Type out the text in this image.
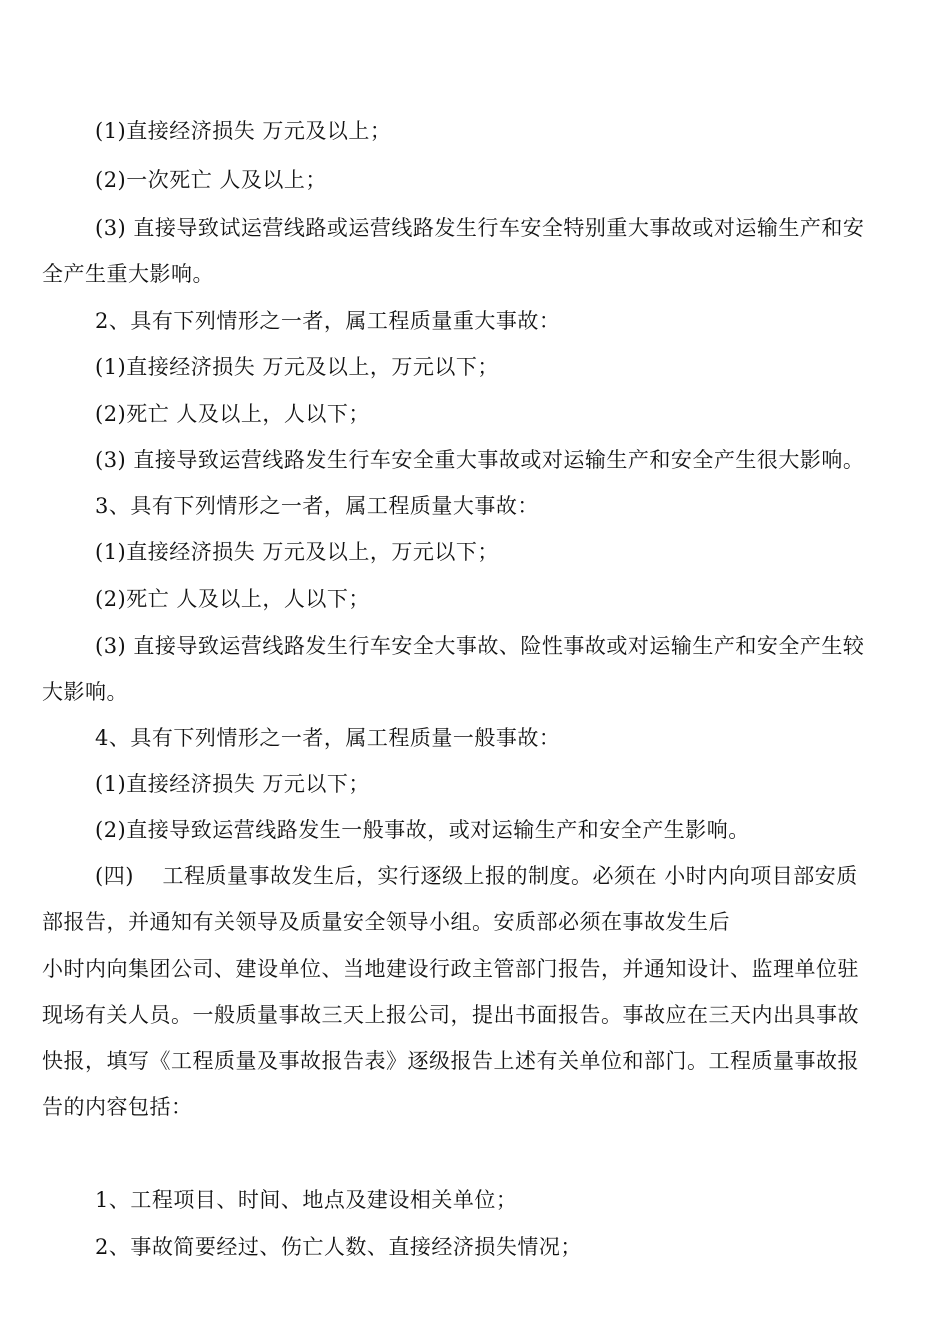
(1)直接经济损失 万元及以上；
(2)一次死亡 人及以上；
(3) 直接导致试运营线路或运营线路发生行车安全特别重大事故或对运输生产和安
全产生重大影响。
2、具有下列情形之一者，属工程质量重大事故：
(1)直接经济损失 万元及以上，万元以下；
(2)死亡 人及以上，人以下；
(3) 直接导致运营线路发生行车安全重大事故或对运输生产和安全产生很大影响。
3、具有下列情形之一者，属工程质量大事故：
(1)直接经济损失 万元及以上，万元以下；
(2)死亡 人及以上，人以下；
(3) 直接导致运营线路发生行车安全大事故、险性事故或对运输生产和安全产生较
大影响。
4、具有下列情形之一者，属工程质量一般事故：
(1)直接经济损失 万元以下；
(2)直接导致运营线路发生一般事故，或对运输生产和安全产生影响。
(四)　 工程质量事故发生后，实行逐级上报的制度。必须在 小时内向项目部安质
部报告，并通知有关领导及质量安全领导小组。安质部必须在事故发生后
小时内向集团公司、建设单位、当地建设行政主管部门报告，并通知设计、监理单位驻
现场有关人员。一般质量事故三天上报公司，提出书面报告。事故应在三天内出具事故
快报，填写《工程质量及事故报告表》逐级报告上述有关单位和部门。工程质量事故报
告的内容包括：
1、工程项目、时间、地点及建设相关单位；
2、事故简要经过、伤亡人数、直接经济损失情况；
